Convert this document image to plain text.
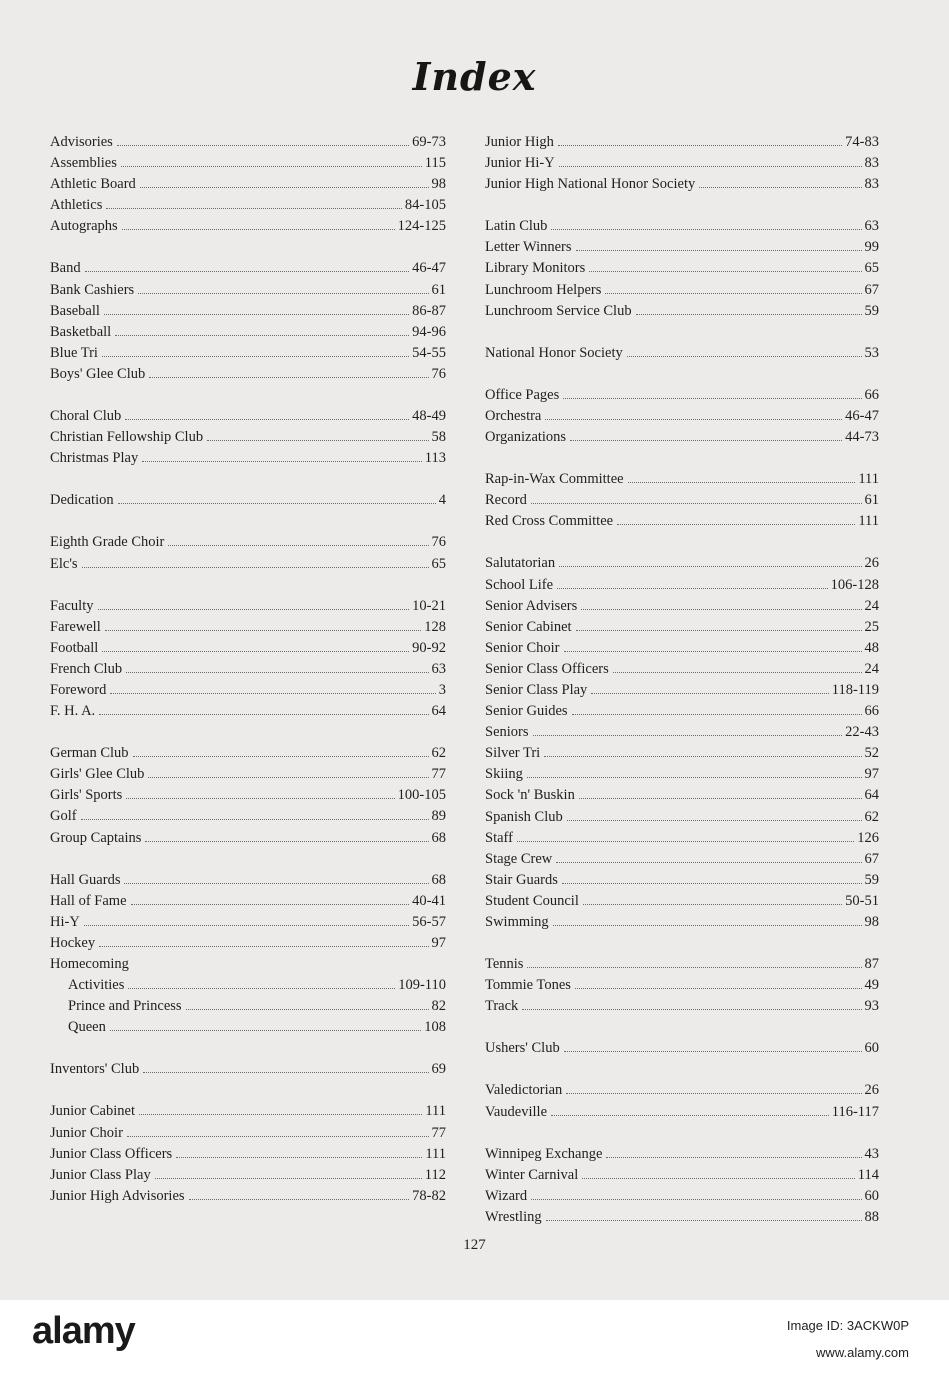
Index
Advisories	69-73
Assemblies	115
Athletic Board	98
Athletics	84-105
Autographs	124-125
Band	46-47
Bank Cashiers	61
Baseball	86-87
Basketball	94-96
Blue Tri	54-55
Boys' Glee Club	76
Choral Club	48-49
Christian Fellowship Club	58
Christmas Play	113
Dedication	4
Eighth Grade Choir	76
Elc's	65
Faculty	10-21
Farewell	128
Football	90-92
French Club	63
Foreword	3
F. H. A.	64
German Club	62
Girls' Glee Club	77
Girls' Sports	100-105
Golf	89
Group Captains	68
Hall Guards	68
Hall of Fame	40-41
Hi-Y	56-57
Hockey	97
Homecoming
Activities	109-110
Prince and Princess	82
Queen	108
Inventors' Club	69
Junior Cabinet	111
Junior Choir	77
Junior Class Officers	111
Junior Class Play	112
Junior High Advisories	78-82
Junior High	74-83
Junior Hi-Y	83
Junior High National Honor Society	83
Latin Club	63
Letter Winners	99
Library Monitors	65
Lunchroom Helpers	67
Lunchroom Service Club	59
National Honor Society	53
Office Pages	66
Orchestra	46-47
Organizations	44-73
Rap-in-Wax Committee	111
Record	61
Red Cross Committee	111
Salutatorian	26
School Life	106-128
Senior Advisers	24
Senior Cabinet	25
Senior Choir	48
Senior Class Officers	24
Senior Class Play	118-119
Senior Guides	66
Seniors	22-43
Silver Tri	52
Skiing	97
Sock 'n' Buskin	64
Spanish Club	62
Staff	126
Stage Crew	67
Stair Guards	59
Student Council	50-51
Swimming	98
Tennis	87
Tommie Tones	49
Track	93
Ushers' Club	60
Valedictorian	26
Vaudeville	116-117
Winnipeg Exchange	43
Winter Carnival	114
Wizard	60
Wrestling	88
127
alamy	Image ID: 3ACKW0P
www.alamy.com
